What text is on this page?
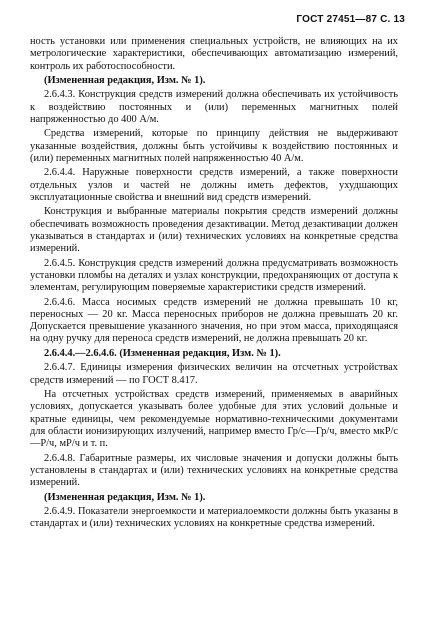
ГОСТ 27451—87 С. 13

ность установки или применения специальных устройств, не влияющих на их метрологические характеристики, обеспечивающих автоматизацию измерений, контроль их работоспособности.

(Измененная редакция, Изм. № 1).

2.6.4.3. Конструкция средств измерений должна обеспечивать их устойчивость к воздействию постоянных и (или) переменных магнитных полей напряженностью до 400 А/м.

Средства измерений, которые по принципу действия не выдерживают указанные воздействия, должны быть устойчивы к воздействию постоянных и (или) переменных магнитных полей напряженностью 40 А/м.

2.6.4.4. Наружные поверхности средств измерений, а также поверхности отдельных узлов и частей не должны иметь дефектов, ухудшающих эксплуатационные свойства и внешний вид средств измерений.

Конструкция и выбранные материалы покрытия средств измерений должны обеспечивать возможность проведения дезактивации. Метод дезактивации должен указываться в стандартах и (или) технических условиях на конкретные средства измерений.

2.6.4.5. Конструкция средств измерений должна предусматривать возможность установки пломбы на деталях и узлах конструкции, предохраняющих от доступа к элементам, регулирующим поверяемые характеристики средств измерений.

2.6.4.6. Масса носимых средств измерений не должна превышать 10 кг, переносных — 20 кг. Масса переносных приборов не должна превышать 20 кг. Допускается превышение указанного значения, но при этом масса, приходящаяся на одну ручку для переноса средств измерений, не должна превышать 20 кг.

2.6.4.4.—2.6.4.6. (Измененная редакция, Изм. № 1).

2.6.4.7. Единицы измерения физических величин на отсчетных устройствах средств измерений — по ГОСТ 8.417.

На отсчетных устройствах средств измерений, применяемых в аварийных условиях, допускается указывать более удобные для этих условий дольные и кратные единицы, чем рекомендуемые нормативно-техническими документами для области ионизирующих излучений, например вместо Гр/с—Гр/ч, вместо мкР/с—Р/ч, мР/ч и т. п.

2.6.4.8. Габаритные размеры, их числовые значения и допуски должны быть установлены в стандартах и (или) технических условиях на конкретные средства измерений.

(Измененная редакция, Изм. № 1).

2.6.4.9. Показатели энергоемкости и материалоемкости должны быть указаны в стандартах и (или) технических условиях на конкретные средства измерений.
